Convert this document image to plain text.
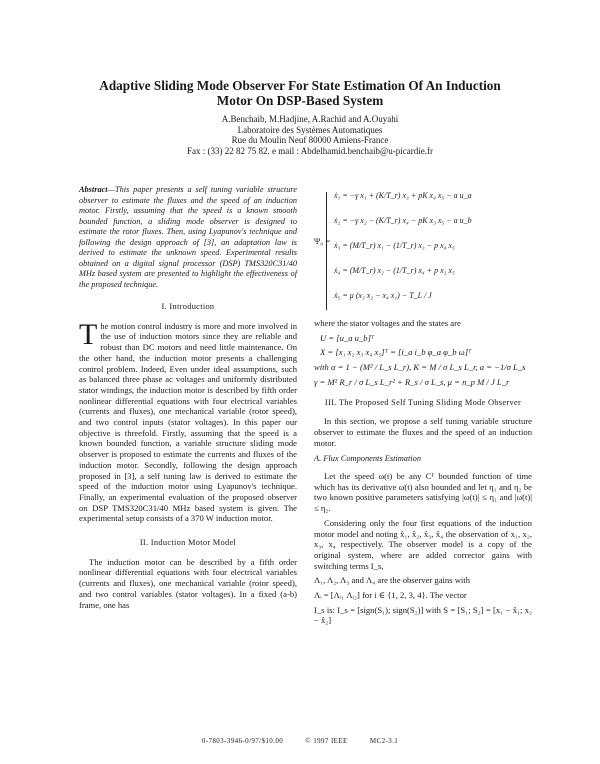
Adaptive Sliding Mode Observer For State Estimation Of An Induction
Motor On DSP-Based System
A.Benchaib, M.Hadjine, A.Rachid and A.Ouyahi
Laboratoire des Systèmes Automatiques
Rue du Moulin Neuf 80000 Amiens-France
Fax : (33) 22 82 75 82. e mail : Abdelhamid.benchaib@u-picardie.fr
Abstract—This paper presents a self tuning variable structure observer to estimate the fluxes and the speed of an induction motor. Firstly, assuming that the speed is a known smooth bounded function, a sliding mode observer is designed to estimate the rotor fluxes. Then, using Lyapunov's technique and following the design approach of [3], an adaptation law is derived to estimate the unknown speed. Experimental results obtained on a digital signal processor (DSP) TMS320C31/40 MHz based system are presented to highlight the effectiveness of the proposed technique.
I. Introduction
The motion control industry is more and more involved in the use of induction motors since they are reliable and robust than DC motors and need little maintenance. On the other hand, the induction motor presents a challenging control problem. Indeed, Even under ideal assumptions, such as balanced three phase ac voltages and uniformly distributed stator windings, the induction motor is described by fifth order nonlinear differential equations with four electrical variables (currents and fluxes), one mechanical variable (rotor speed), and two control inputs (stator voltages). In this paper our objective is threefold. Firstly, assuming that the speed is a known bounded function, a variable structure sliding mode observer is proposed to estimate the currents and fluxes of the induction motor. Secondly, following the design approach proposed in [3], a self tuning law is derived to estimate the speed of the induction motor using Lyapunov's technique. Finally, an experimental evaluation of the proposed observer on DSP TMS320C31/40 MHz based system is given. The experimental setup consists of a 370 W induction motor.
II. Induction Motor Model

The induction motor can be described by a fifth order nonlinear differential equations with four electrical variables (currents and fluxes), one mechanical variable (rotor speed), and two control variables (stator voltages). In a fixed (a-b) frame, one has

Ψ₀ =
ẋ₁ = −γ x₁ + (K/T_r) x₃ + pK x₄ x₅ − a u_a
ẋ₂ = −γ x₂ − (K/T_r) x₄ − pK x₃ x₅ − a u_b
ẋ₃ = (M/T_r) x₁ − (1/T_r) x₃ − p x₄ x₅
ẋ₄ = (M/T_r) x₂ − (1/T_r) x₄ + p x₃ x₅
ẋ₅ = μ (x₃ x₂ − x₄ x₁) − T_L / J

where the stator voltages and the states are

U = [u_a u_b]ᵀ

X = [x₁ x₂ x₃ x₄ x₅]ᵀ = [i_a i_b φ_a φ_b ω]ᵀ

with α = 1 − (M² / L_s L_r), K = M / σ L_s L_r, a = −1/σ L_s

γ = M² R_r / σ L_s L_r² + R_s / σ L_s, μ = n_p M / J L_r

III. The Proposed Self Tuning Sliding Mode Observer

In this section, we propose a self tuning variable structure observer to estimate the fluxes and the speed of an induction motor.

A. Flux Components Estimation

Let the speed ω(t) be any C¹ bounded function of time which has its derivative ω̇(t) also bounded and let η₁ and η₂ be two known positive parameters satisfying |ω(t)| ≤ η₁ and |ω̇(t)| ≤ η₂.

Considering only the four first equations of the induction motor model and noting x̂₁, x̂₂, x̂₃, x̂₄ the observation of x₁, x₂, x₃, x₄ respectively. The observer model is a copy of the original system, where are added corrector gains with switching terms I_s,

Λ₁, Λ₂, Λ₃ and Λ₄ are the observer gains with

Λᵢ = [Λᵢ₁ Λᵢ₂] for i ∈ {1, 2, 3, 4}. The vector

I_s is: I_s = [sign(S₁); sign(S₂)] with S = [S₁; S₂] = [x₁ − x̂₁; x₂ − x̂₂]

0-7803-3946-0/97/$10.00	© 1997 IEEE	MC2-3.1
